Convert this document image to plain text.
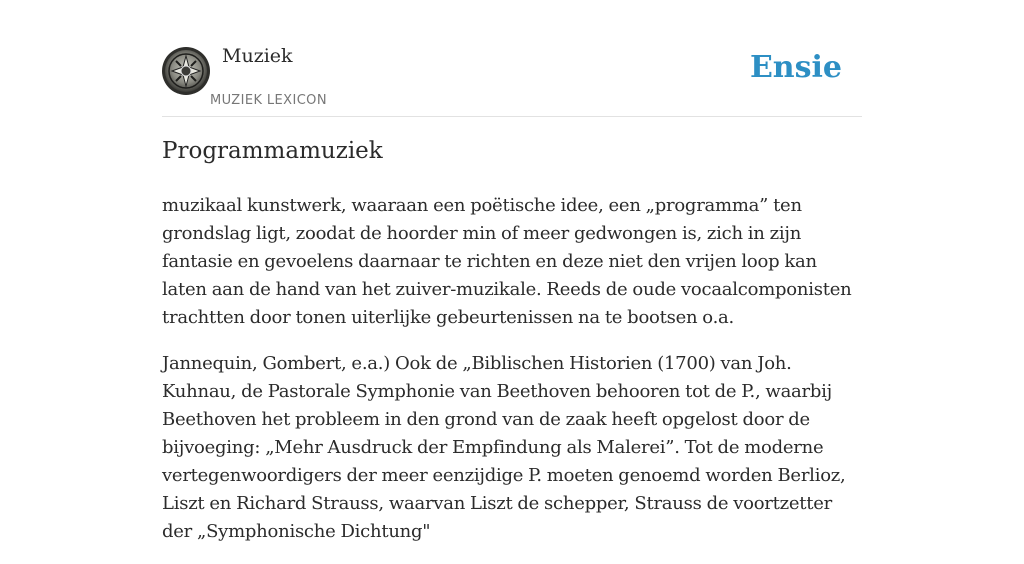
Muziek
MUZIEK LEXICON
Ensie
Programmamuziek

muzikaal kunstwerk, waaraan een poëtische idee, een „programma” ten grondslag ligt, zoodat de hoorder min of meer gedwongen is, zich in zijn fantasie en gevoelens daarnaar te richten en deze niet den vrijen loop kan laten aan de hand van het zuiver-muzikale. Reeds de oude vocaalcomponisten trachtten door tonen uiterlijke gebeurtenissen na te bootsen o.a.

Jannequin, Gombert, e.a.) Ook de „Biblischen Historien (1700) van Joh. Kuhnau, de Pastorale Symphonie van Beethoven behooren tot de P., waarbij Beethoven het probleem in den grond van de zaak heeft opgelost door de bijvoeging: „Mehr Ausdruck der Empfindung als Malerei”. Tot de moderne vertegenwoordigers der meer eenzijdige P. moeten genoemd worden Berlioz, Liszt en Richard Strauss, waarvan Liszt de schepper, Strauss de voortzetter der „Symphonische Dichtung"
